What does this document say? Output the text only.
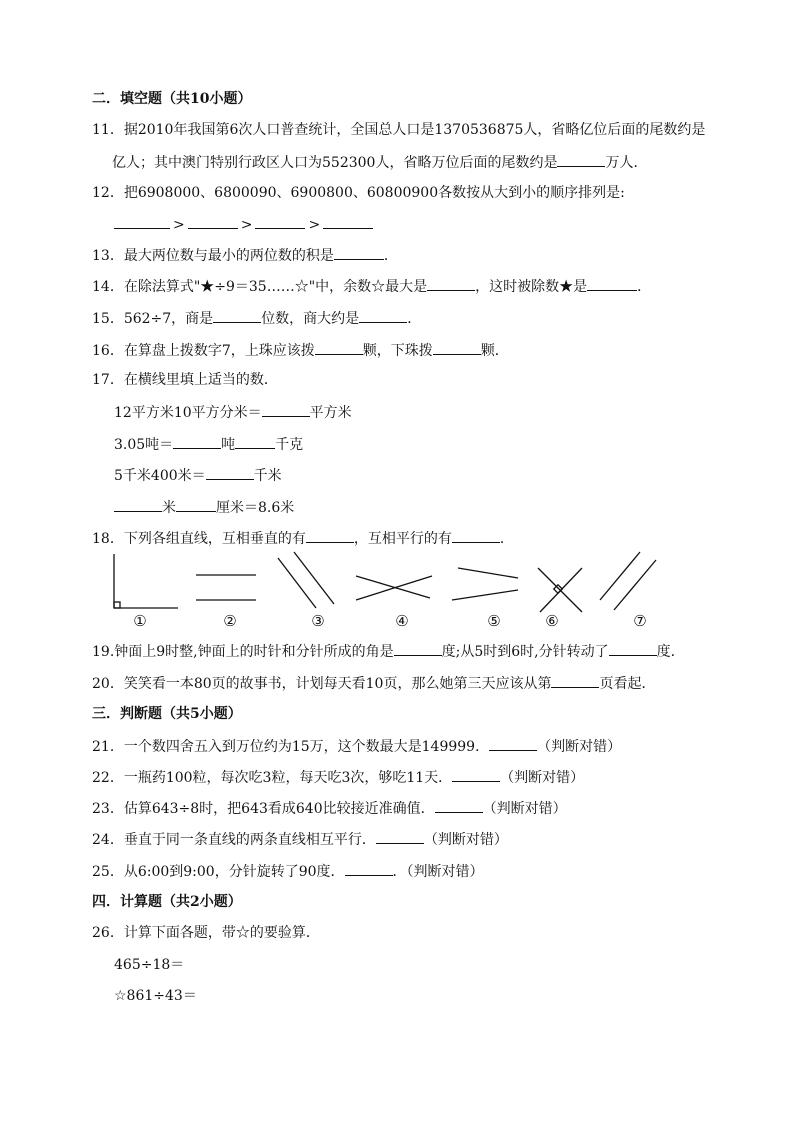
二．填空题（共10小题）
11．据2010年我国第6次人口普查统计，全国总人口是1370536875人，省略亿位后面的尾数约是
亿人；其中澳门特别行政区人口为552300人，省略万位后面的尾数约是	万人．
12．把6908000、6800090、6900800、60800900各数按从大到小的顺序排列是:
>	>	>
13．最大两位数与最小的两位数的积是	．
14．在除法算式"★÷9＝35……☆"中，余数☆最大是	，这时被除数★是	．
15．562÷7，商是	位数，商大约是	．
16．在算盘上拨数字7，上珠应该拨	颗，下珠拨	颗．
17．在横线里填上适当的数．
12平方米10平方分米＝	平方米
3.05吨＝	吨	千克
5千米400米＝	千米
米	厘米＝8.6米
18．下列各组直线，互相垂直的有	，互相平行的有	．
①	②	③	④	⑤	⑥	⑦
19.钟面上9时整,钟面上的时针和分针所成的角是	度;从5时到6时,分针转动了	度.
20．笑笑看一本80页的故事书，计划每天看10页，那么她第三天应该从第	页看起．
三．判断题（共5小题）
21．一个数四舍五入到万位约为15万，这个数最大是149999．	（判断对错）
22．一瓶药100粒，每次吃3粒，每天吃3次，够吃11天．	（判断对错）
23．估算643÷8时，把643看成640比较接近准确值．	（判断对错）
24．垂直于同一条直线的两条直线相互平行．	（判断对错）
25．从6:00到9:00，分针旋转了90度．	．（判断对错）
四．计算题（共2小题）
26．计算下面各题，带☆的要验算．
465÷18＝
☆861÷43＝
